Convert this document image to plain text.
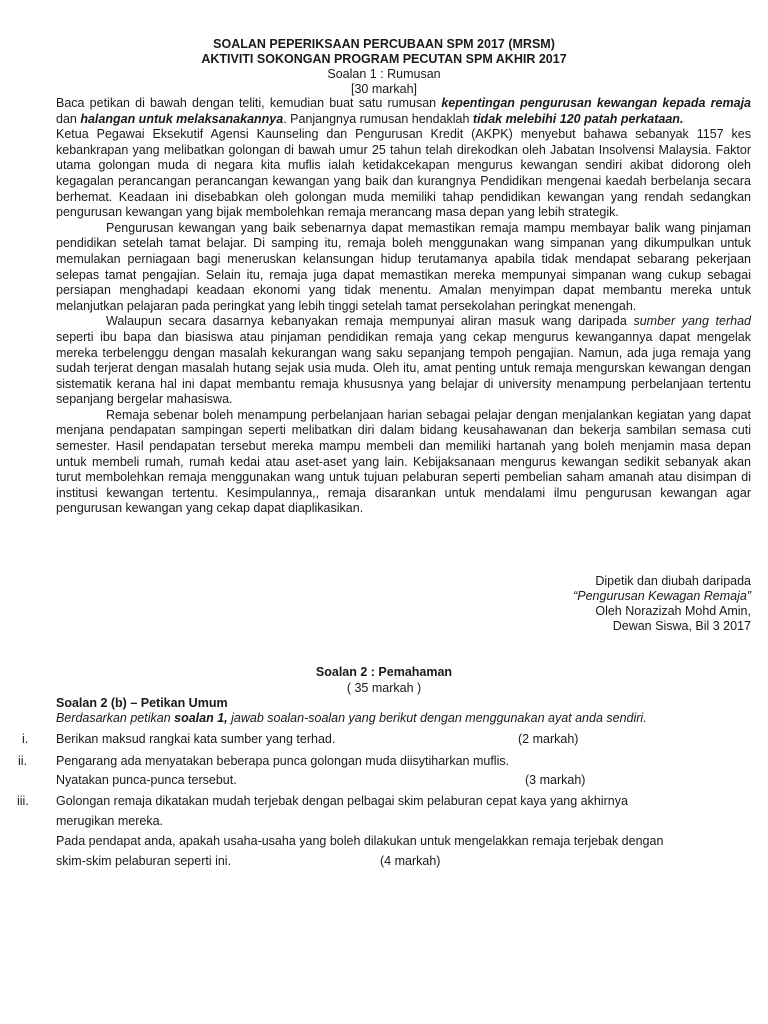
SOALAN PEPERIKSAAN PERCUBAAN SPM 2017 (MRSM)
AKTIVITI SOKONGAN PROGRAM PECUTAN SPM AKHIR 2017
Soalan 1 : Rumusan
[30 markah]

Baca petikan di bawah dengan teliti, kemudian buat satu rumusan kepentingan pengurusan kewangan kepada remaja dan halangan untuk melaksanakannya. Panjangnya rumusan hendaklah tidak melebihi 120 patah perkataan.

Ketua Pegawai Eksekutif Agensi Kaunseling dan Pengurusan Kredit (AKPK) menyebut bahawa sebanyak 1157 kes kebankrapan yang melibatkan golongan di bawah umur 25 tahun telah direkodkan oleh Jabatan Insolvensi Malaysia. Faktor utama golongan muda di negara kita muflis ialah ketidakcekapan mengurus kewangan sendiri akibat didorong oleh kegagalan perancangan perancangan kewangan yang baik dan kurangnya Pendidikan mengenai kaedah berbelanja secara berhemat. Keadaan ini disebabkan oleh golongan muda memiliki tahap pendidikan kewangan yang rendah sedangkan pengurusan kewangan yang bijak membolehkan remaja merancang masa depan yang lebih strategik.

Pengurusan kewangan yang baik sebenarnya dapat memastikan remaja mampu membayar balik wang pinjaman pendidikan setelah tamat belajar. Di samping itu, remaja boleh menggunakan wang simpanan yang dikumpulkan untuk memulakan perniagaan bagi meneruskan kelansungan hidup terutamanya apabila tidak mendapat sebarang pekerjaan selepas tamat pengajian. Selain itu, remaja juga dapat memastikan mereka mempunyai simpanan wang cukup sebagai persiapan menghadapi keadaan ekonomi yang tidak menentu. Amalan menyimpan dapat membantu mereka untuk melanjutkan pelajaran pada peringkat yang lebih tinggi setelah tamat persekolahan peringkat menengah.

Walaupun secara dasarnya kebanyakan remaja mempunyai aliran masuk wang daripada sumber yang terhad seperti ibu bapa dan biasiswa atau pinjaman pendidikan remaja yang cekap mengurus kewangannya dapat mengelak mereka terbelenggu dengan masalah kekurangan wang saku sepanjang tempoh pengajian. Namun, ada juga remaja yang sudah terjerat dengan masalah hutang sejak usia muda. Oleh itu, amat penting untuk remaja mengurskan kewangan dengan sistematik kerana hal ini dapat membantu remaja khususnya yang belajar di university menampung perbelanjaan tertentu sepanjang bergelar mahasiswa.

Remaja sebenar boleh menampung perbelanjaan harian sebagai pelajar dengan menjalankan kegiatan yang dapat menjana pendapatan sampingan seperti melibatkan diri dalam bidang keusahawanan dan bekerja sambilan semasa cuti semester. Hasil pendapatan tersebut mereka mampu membeli dan memiliki hartanah yang boleh menjamin masa depan untuk membeli rumah, rumah kedai atau aset-aset yang lain. Kebijaksanaan mengurus kewangan sedikit sebanyak akan turut membolehkan remaja menggunakan wang untuk tujuan pelaburan seperti pembelian saham amanah atau disimpan di institusi kewangan tertentu. Kesimpulannya,, remaja disarankan untuk mendalami ilmu pengurusan kewangan agar pengurusan kewangan yang cekap dapat diaplikasikan.

Dipetik dan diubah daripada
“Pengurusan Kewagan Remaja”
Oleh Norazizah Mohd Amin,
Dewan Siswa, Bil 3 2017
Soalan 2 : Pemahaman
( 35 markah )
Soalan 2 (b) – Petikan Umum
Berdasarkan petikan soalan 1, jawab soalan-soalan yang berikut dengan menggunakan ayat anda sendiri.
i. Berikan maksud rangkai kata sumber yang terhad.	(2 markah)
ii. Pengarang ada menyatakan beberapa punca golongan muda diisytiharkan muflis.
Nyatakan punca-punca tersebut.	(3 markah)
iii. Golongan remaja dikatakan mudah terjebak dengan pelbagai skim pelaburan cepat kaya yang akhirnya
merugikan mereka.
Pada pendapat anda, apakah usaha-usaha yang boleh dilakukan untuk mengelakkan remaja terjebak dengan
skim-skim pelaburan seperti ini.	(4 markah)
